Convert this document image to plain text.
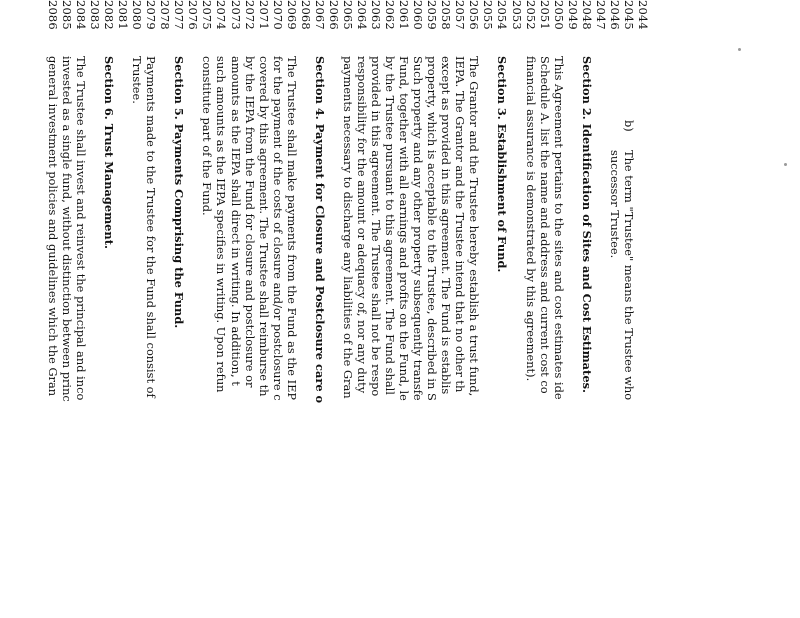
2044
2045
b)
The term "Trustee" means the Trustee who
2046
successor Trustee.
2047
2048
Section 2. Identification of Sites and Cost Estimates.
2049
2050
This Agreement pertains to the sites and cost estimates ide
2051
Schedule A. list the name and address and current cost co
2052
financial assurance is demonstrated by this agreement).
2053
2054
Section 3. Establishment of Fund.
2055
2056
The Grantor and the Trustee hereby establish a trust fund,
2057
IEPA. The Grantor and the Trustee intend that no other th
2058
except as provided in this agreement. The Fund is establis
2059
property, which is acceptable to the Trustee, described in S
2060
Such property and any other property subsequently transfe
2061
Fund, together with all earnings and profits on the Fund, le
2062
by the Trustee pursuant to this agreement. The Fund shall
2063
provided in this agreement. The Trustee shall not be respo
2064
responsibility for the amount or adequacy of, nor any duty
2065
payments necessary to discharge any liabilities of the Gran
2066
2067
Section 4. Payment for Closure and Postclosure care o
2068
2069
The Trustee shall make payments from the Fund as the IEP
2070
for the payment of the costs of closure and/or postclosure c
2071
covered by this agreement. The Trustee shall reimburse th
2072
by the IEPA from the Fund for closure and postclosure or
2073
amounts as the IEPA shall direct in writing. In addition, t
2074
such amounts as the IEPA specifies in writing. Upon refun
2075
constitute part of the Fund.
2076
2077
Section 5. Payments Comprising the Fund.
2078
2079
Payments made to the Trustee for the Fund shall consist of
2080
Trustee.
2081
2082
Section 6. Trust Management.
2083
2084
The Trustee shall invest and reinvest the principal and inco
2085
invested as a single fund, without distinction between princ
2086
general investment policies and guidelines which the Gran
